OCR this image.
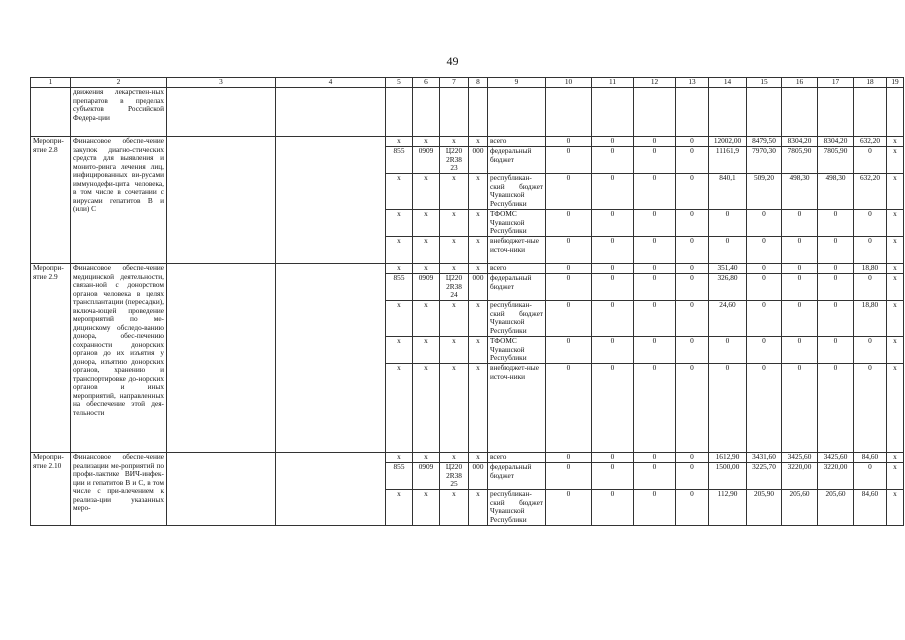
49
1	2	3	4	5	6	7	8	9	10	11	12	13	14	15	16	17	18	19
	движения лекарствен-ных препаратов в пределах субъектов Российской Федера-ции																	
Меропри-ятие 2.8	Финансовое обеспе-чение закупок диагно-стических средств для выявления и монито-ринга лечения лиц, инфицированных ви-русами иммунодефи-цита человека, в том числе в сочетании с вирусами гепатитов В и (или) С			х	х	х	х	всего	0	0	0	0	12002,00	8479,50	8304,20	8304,20	632,20	х
				855	0909	Ц220 2R38 23	000	федеральный бюджет	0	0	0	0	11161,9	7970,30	7805,90	7805,90	0	х
				х	х	х	х	республикан-ский бюджет Чувашской Республики	0	0	0	0	840,1	509,20	498,30	498,30	632,20	х
				х	х	х	х	ТФОМС Чувашской Республики	0	0	0	0	0	0	0	0	0	х
				х	х	х	х	внебюджет-ные источ-ники	0	0	0	0	0	0	0	0	0	х
Меропри-ятие 2.9	Финансовое обеспе-чение медицинской деятельности, связан-ной с донорством органов человека в целях трансплантации (пересадки), включа-ющей проведение мероприятий по ме-дицинскому обследо-ванию донора, обес-печению сохранности донорских органов до их изъятия у донора, изъятию донорских органов, хранению и транспортировке до-норских органов и иных мероприятий, направленных на обеспечение этой дея-тельности			х	х	х	х	всего	0	0	0	0	351,40	0	0	0	18,80	х
				855	0909	Ц220 2R38 24	000	федеральный бюджет	0	0	0	0	326,80	0	0	0	0	х
				х	х	х	х	республикан-ский бюджет Чувашской Республики	0	0	0	0	24,60	0	0	0	18,80	х
				х	х	х	х	ТФОМС Чувашской Республики	0	0	0	0	0	0	0	0	0	х
				х	х	х	х	внебюджет-ные источ-ники	0	0	0	0	0	0	0	0	0	х
Меропри-ятие 2.10	Финансовое обеспе-чение реализации ме-роприятий по профи-лактике ВИЧ-инфек-ции и гепатитов В и С, в том числе с при-влечением к реализа-ции указанных меро-			х	х	х	х	всего	0	0	0	0	1612,90	3431,60	3425,60	3425,60	84,60	х
				855	0909	Ц220 2R38 25	000	федеральный бюджет	0	0	0	0	1500,00	3225,70	3220,00	3220,00	0	х
				х	х	х	х	республикан-ский бюджет Чувашской Республики	0	0	0	0	112,90	205,90	205,60	205,60	84,60	х
